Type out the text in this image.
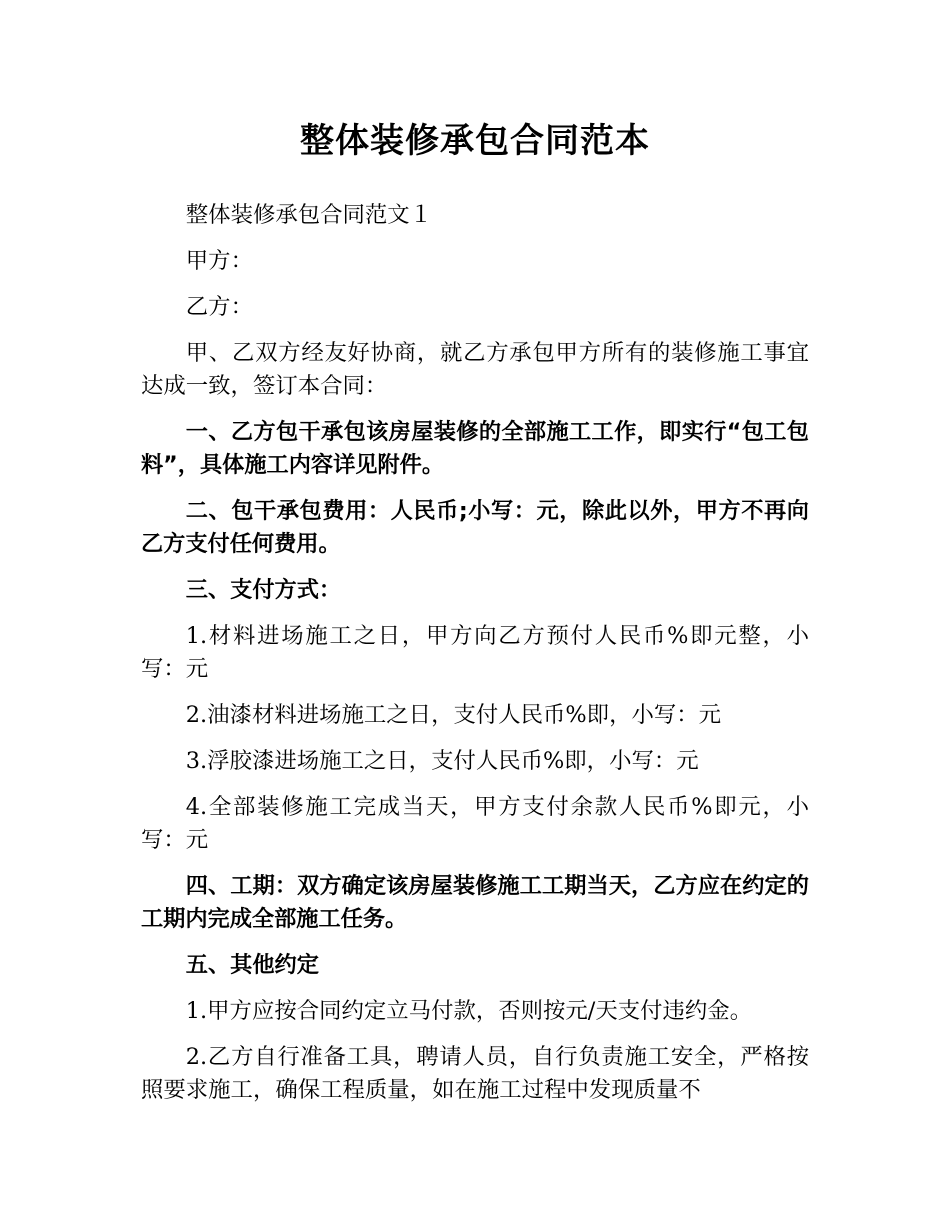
整体装修承包合同范本

整体装修承包合同范文１

甲方：

乙方：

甲、乙双方经友好协商，就乙方承包甲方所有的装修施工事宜达成一致，签订本合同：

一、乙方包干承包该房屋装修的全部施工工作，即实行“包工包料”，具体施工内容详见附件。

二、包干承包费用：人民币;小写：元，除此以外，甲方不再向乙方支付任何费用。

三、支付方式：

1.材料进场施工之日，甲方向乙方预付人民币%即元整，小写：元

2.油漆材料进场施工之日，支付人民币%即，小写：元

3.浮胶漆进场施工之日，支付人民币%即，小写：元

4.全部装修施工完成当天，甲方支付余款人民币%即元，小写：元

四、工期：双方确定该房屋装修施工工期当天，乙方应在约定的工期内完成全部施工任务。

五、其他约定

1.甲方应按合同约定立马付款，否则按元/天支付违约金。

2.乙方自行准备工具，聘请人员，自行负责施工安全，严格按照要求施工，确保工程质量，如在施工过程中发现质量不
